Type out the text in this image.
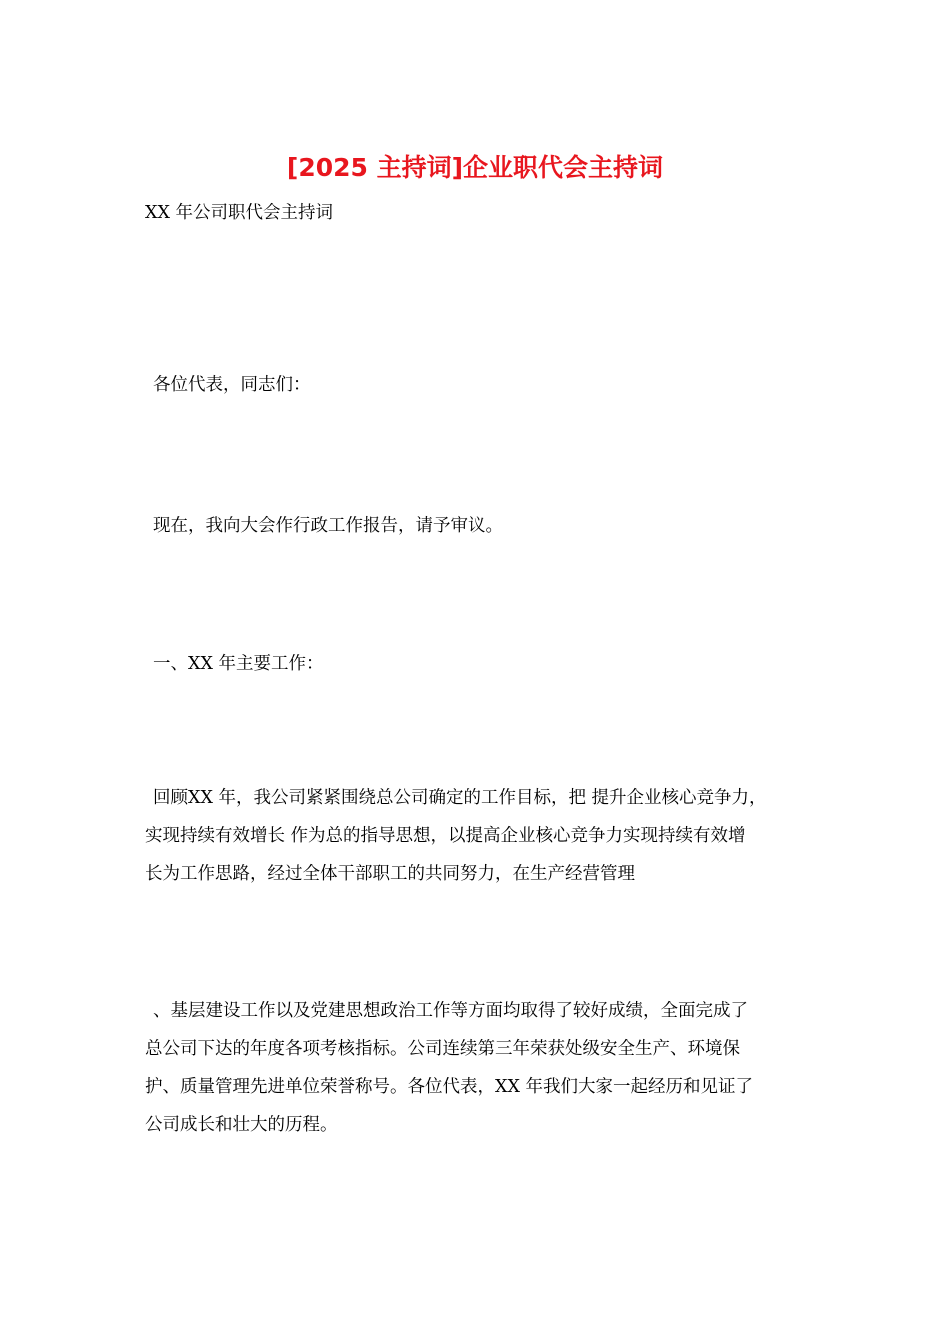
[2025 主持词]企业职代会主持词

XX 年公司职代会主持词

各位代表，同志们：

现在，我向大会作行政工作报告，请予审议。

一、XX 年主要工作：

回顾XX 年，我公司紧紧围绕总公司确定的工作目标，把 提升企业核心竞争力，
实现持续有效增长 作为总的指导思想，以提高企业核心竞争力实现持续有效增
长为工作思路，经过全体干部职工的共同努力，在生产经营管理
、基层建设工作以及党建思想政治工作等方面均取得了较好成绩，全面完成了
总公司下达的年度各项考核指标。公司连续第三年荣获处级安全生产、环境保
护、质量管理先进单位荣誉称号。各位代表，XX 年我们大家一起经历和见证了
公司成长和壮大的历程。
